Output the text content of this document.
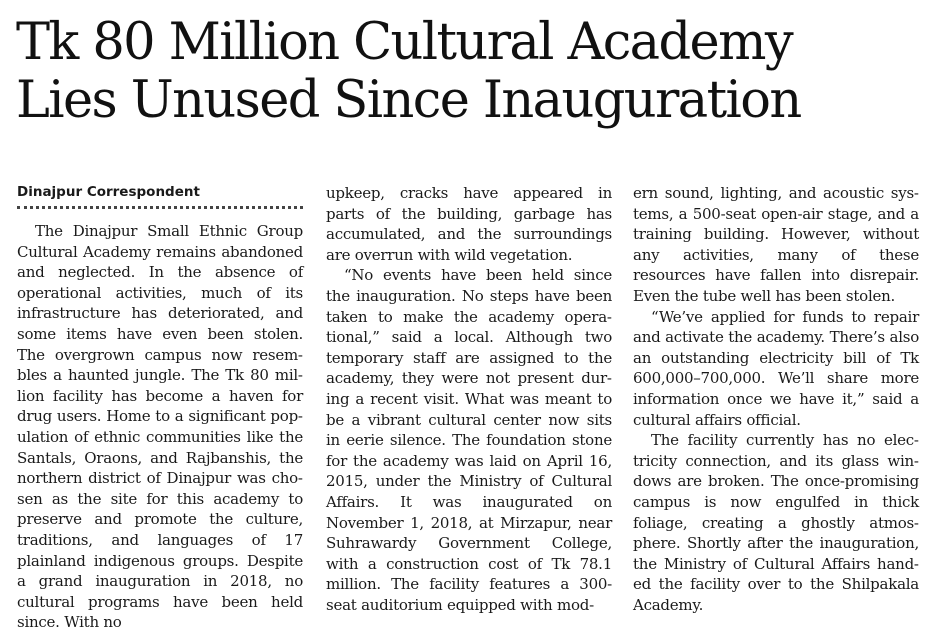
Tk 80 Million Cultural Academy
Lies Unused Since Inauguration
Dinajpur Correspondent

The Dinajpur Small Ethnic Group Cultural Academy remains abandoned and neglected. In the absence of operational activities, much of its infrastructure has deteriorated, and some items have even been stolen. The overgrown campus now resembles a haunted jungle. The Tk 80 million facility has become a haven for drug users. Home to a significant population of ethnic communities like the Santals, Oraons, and Rajbanshis, the northern district of Dinajpur was chosen as the site for this academy to preserve and promote the culture, traditions, and languages of 17 plainland indigenous groups. Despite a grand inauguration in 2018, no cultural programs have been held since. With no

upkeep, cracks have appeared in parts of the building, garbage has accumulated, and the surroundings are overrun with wild vegetation.

“No events have been held since the inauguration. No steps have been taken to make the academy operational,” said a local. Although two temporary staff are assigned to the academy, they were not present during a recent visit. What was meant to be a vibrant cultural center now sits in eerie silence. The foundation stone for the academy was laid on April 16, 2015, under the Ministry of Cultural Affairs. It was inaugurated on November 1, 2018, at Mirzapur, near Suhrawardy Government College, with a construction cost of Tk 78.1 million. The facility features a 300-seat auditorium equipped with mod-

ern sound, lighting, and acoustic systems, a 500-seat open-air stage, and a training building. However, without any activities, many of these resources have fallen into disrepair. Even the tube well has been stolen.

“We’ve applied for funds to repair and activate the academy. There’s also an outstanding electricity bill of Tk 600,000–700,000. We’ll share more information once we have it,” said a cultural affairs official.

The facility currently has no electricity connection, and its glass windows are broken. The once-promising campus is now engulfed in thick foliage, creating a ghostly atmosphere. Shortly after the inauguration, the Ministry of Cultural Affairs handed the facility over to the Shilpakala Academy.
